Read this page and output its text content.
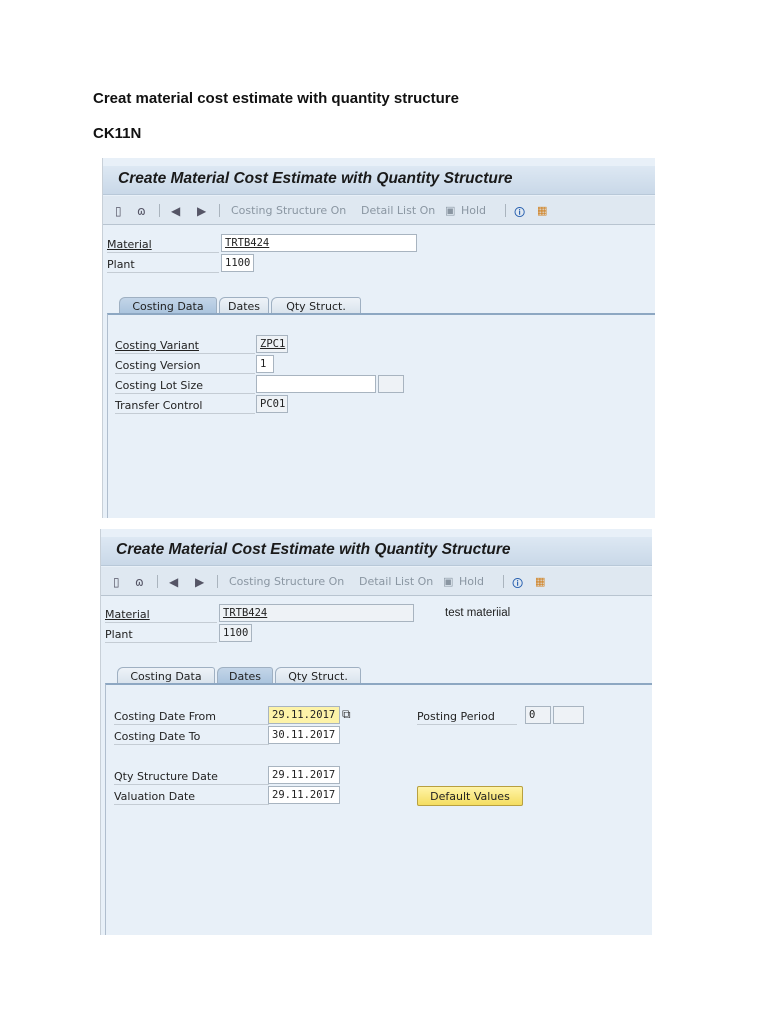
Creat material cost estimate with quantity structure
CK11N
Create Material Cost Estimate with Quantity Structure
▯ ɷ ◀ ▶ Costing Structure On Detail List On ▣ Hold	🛈 ▦
Material	TRTB424
Plant	1100
Costing Data	Dates	Qty Struct.
Costing Variant	ZPC1
Costing Version	1
Costing Lot Size
Transfer Control	PC01
Create Material Cost Estimate with Quantity Structure
▯ ɷ ◀ ▶ Costing Structure On Detail List On ▣ Hold	🛈 ▦
Material	TRTB424	test materiial
Plant	1100
Costing Data	Dates	Qty Struct.
Costing Date From	29.11.2017 ⧉
Costing Date To	30.11.2017
Qty Structure Date	29.11.2017
Valuation Date	29.11.2017
Posting Period	0
Default Values
